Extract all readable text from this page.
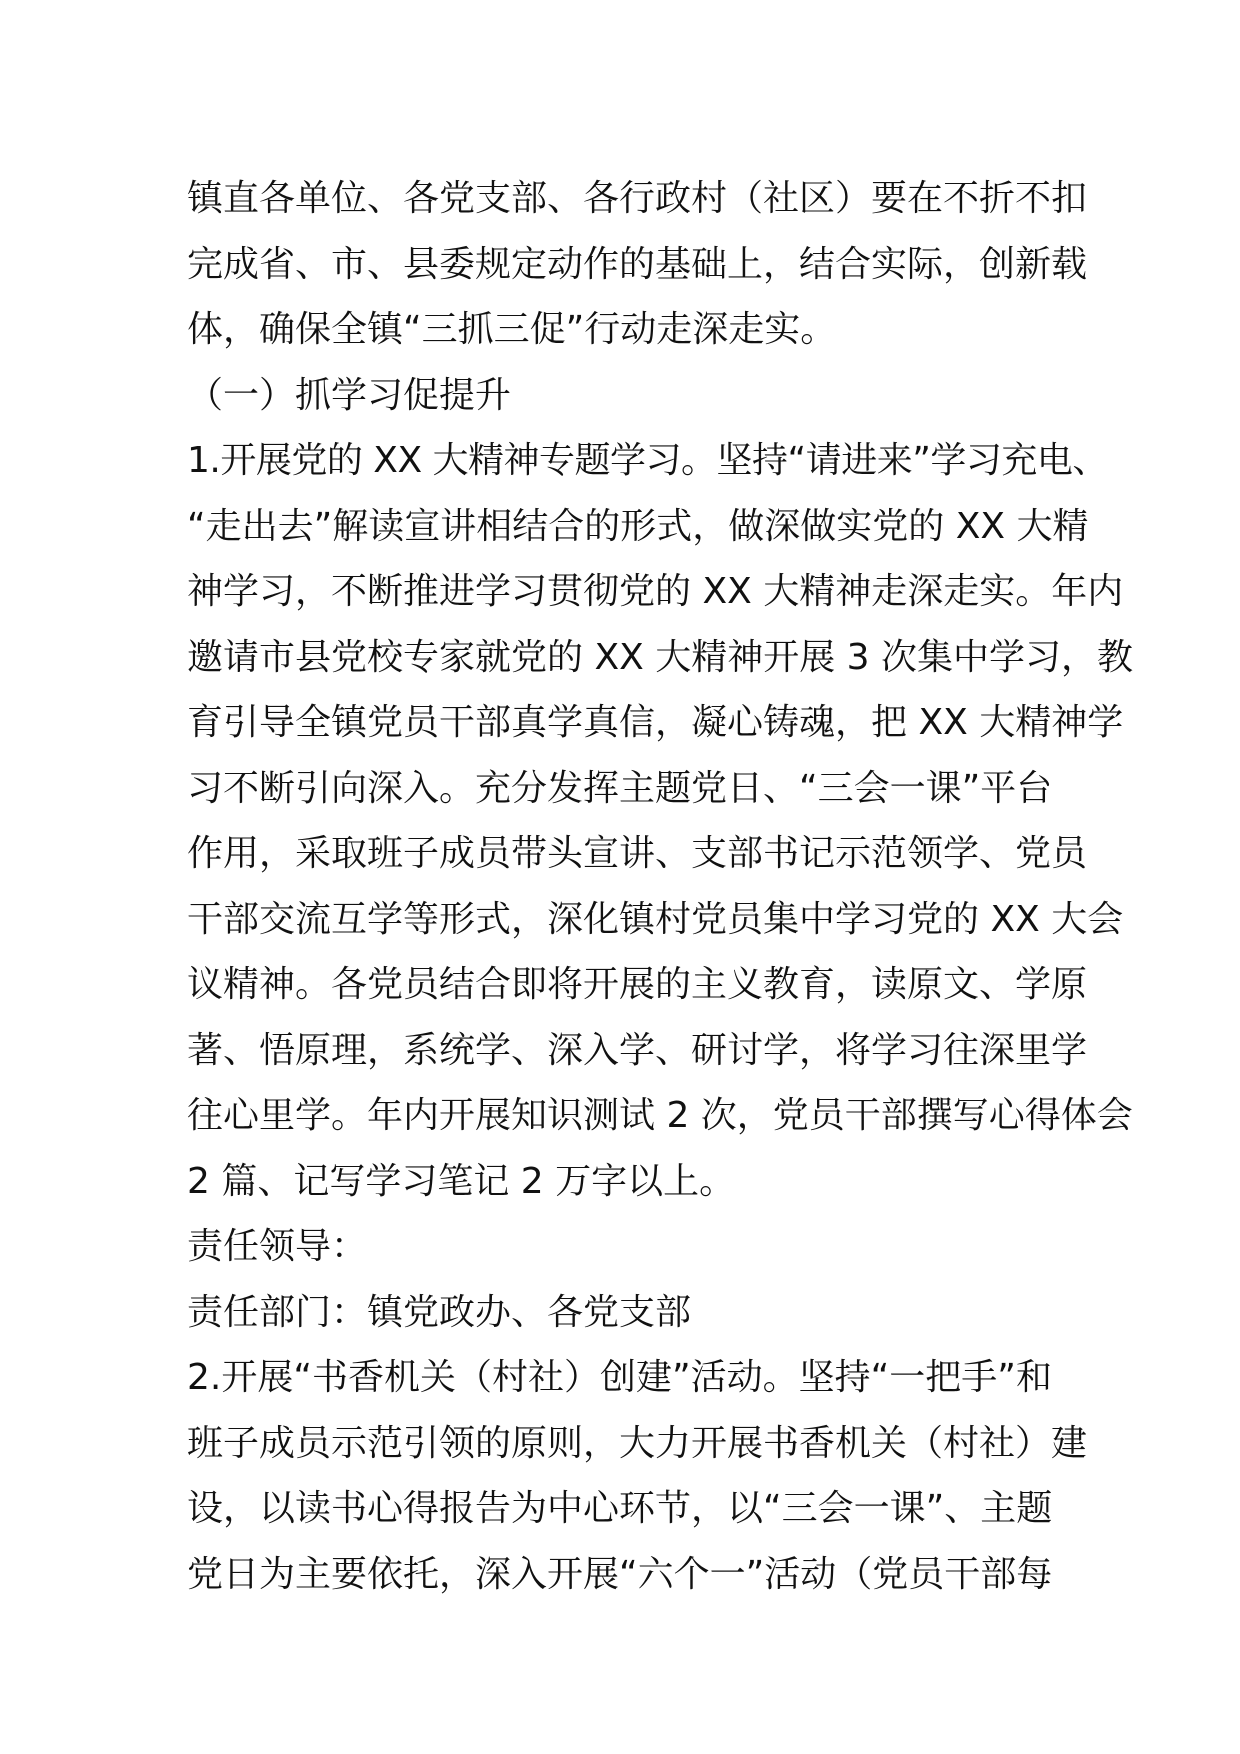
镇直各单位、各党支部、各行政村（社区）要在不折不扣
完成省、市、县委规定动作的基础上，结合实际，创新载
体，确保全镇“三抓三促”行动走深走实。
（一）抓学习促提升
1.开展党的 XX 大精神专题学习。坚持“请进来”学习充电、
“走出去”解读宣讲相结合的形式，做深做实党的 XX 大精
神学习，不断推进学习贯彻党的 XX 大精神走深走实。年内
邀请市县党校专家就党的 XX 大精神开展 3 次集中学习，教
育引导全镇党员干部真学真信，凝心铸魂，把 XX 大精神学
习不断引向深入。充分发挥主题党日、“三会一课”平台
作用，采取班子成员带头宣讲、支部书记示范领学、党员
干部交流互学等形式，深化镇村党员集中学习党的 XX 大会
议精神。各党员结合即将开展的主义教育，读原文、学原
著、悟原理，系统学、深入学、研讨学，将学习往深里学
往心里学。年内开展知识测试 2 次，党员干部撰写心得体会
2 篇、记写学习笔记 2 万字以上。
责任领导：
责任部门：镇党政办、各党支部
2.开展“书香机关（村社）创建”活动。坚持“一把手”和
班子成员示范引领的原则，大力开展书香机关（村社）建
设，以读书心得报告为中心环节，以“三会一课”、主题
党日为主要依托，深入开展“六个一”活动（党员干部每
